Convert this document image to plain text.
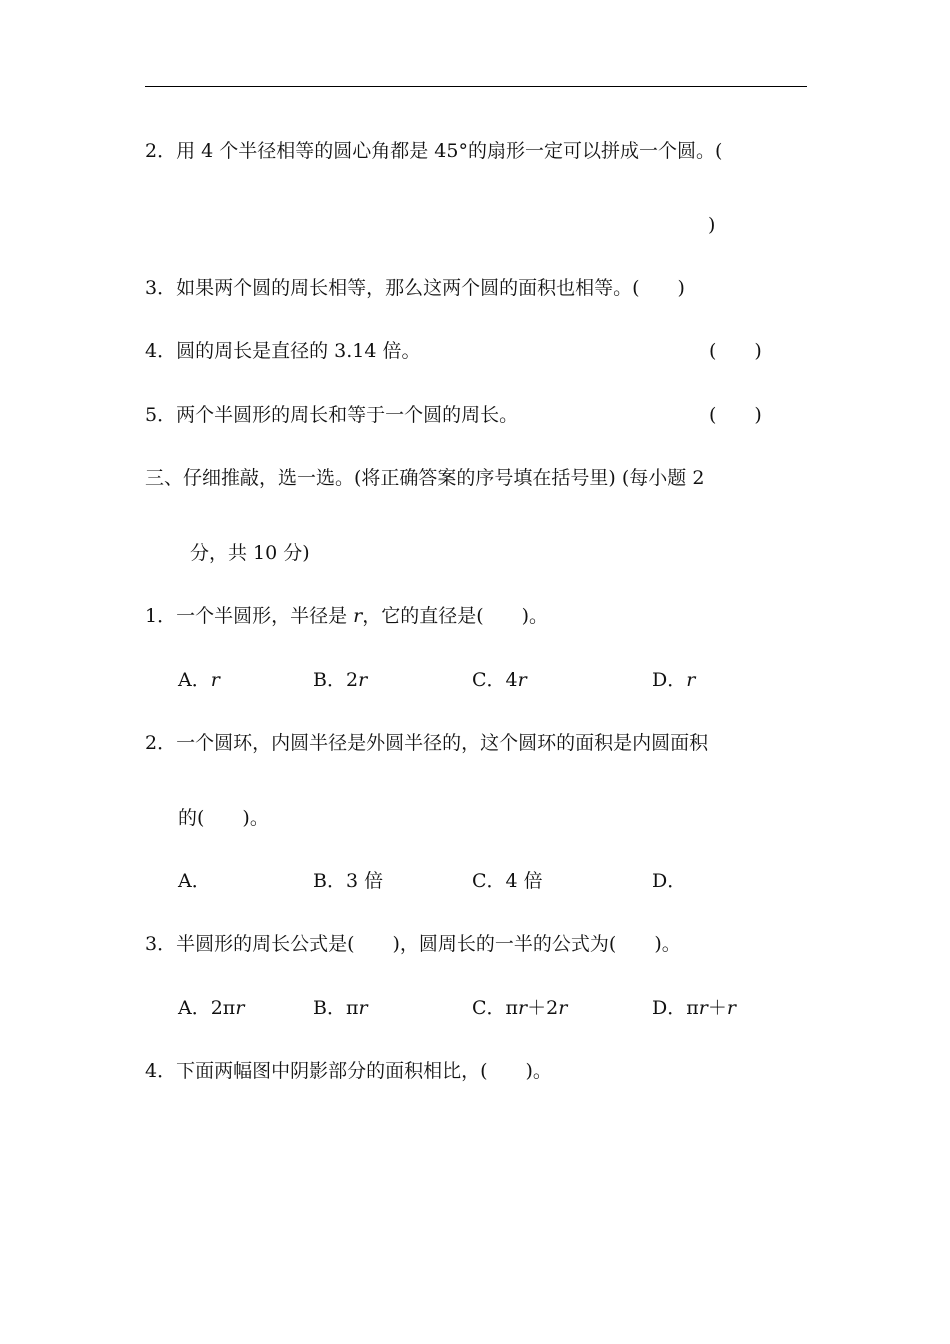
2．用 4 个半径相等的圆心角都是 45°的扇形一定可以拼成一个圆。(
)
3．如果两个圆的周长相等，那么这两个圆的面积也相等。(　　)
4．圆的周长是直径的 3.14 倍。	(　　)
5．两个半圆形的周长和等于一个圆的周长。	(　　)
三、仔细推敲，选一选。(将正确答案的序号填在括号里) (每小题 2
分，共 10 分)
1．一个半圆形，半径是 r，它的直径是(　　)。
A．r	B．2r	C．4r	D．r
2．一个圆环，内圆半径是外圆半径的，这个圆环的面积是内圆面积
的(　　)。
A．	B．3 倍	C．4 倍	D．
3．半圆形的周长公式是(　　)，圆周长的一半的公式为(　　)。
A．2πr	B．πr	C．πr＋2r	D．πr＋r
4．下面两幅图中阴影部分的面积相比，(　　)。
